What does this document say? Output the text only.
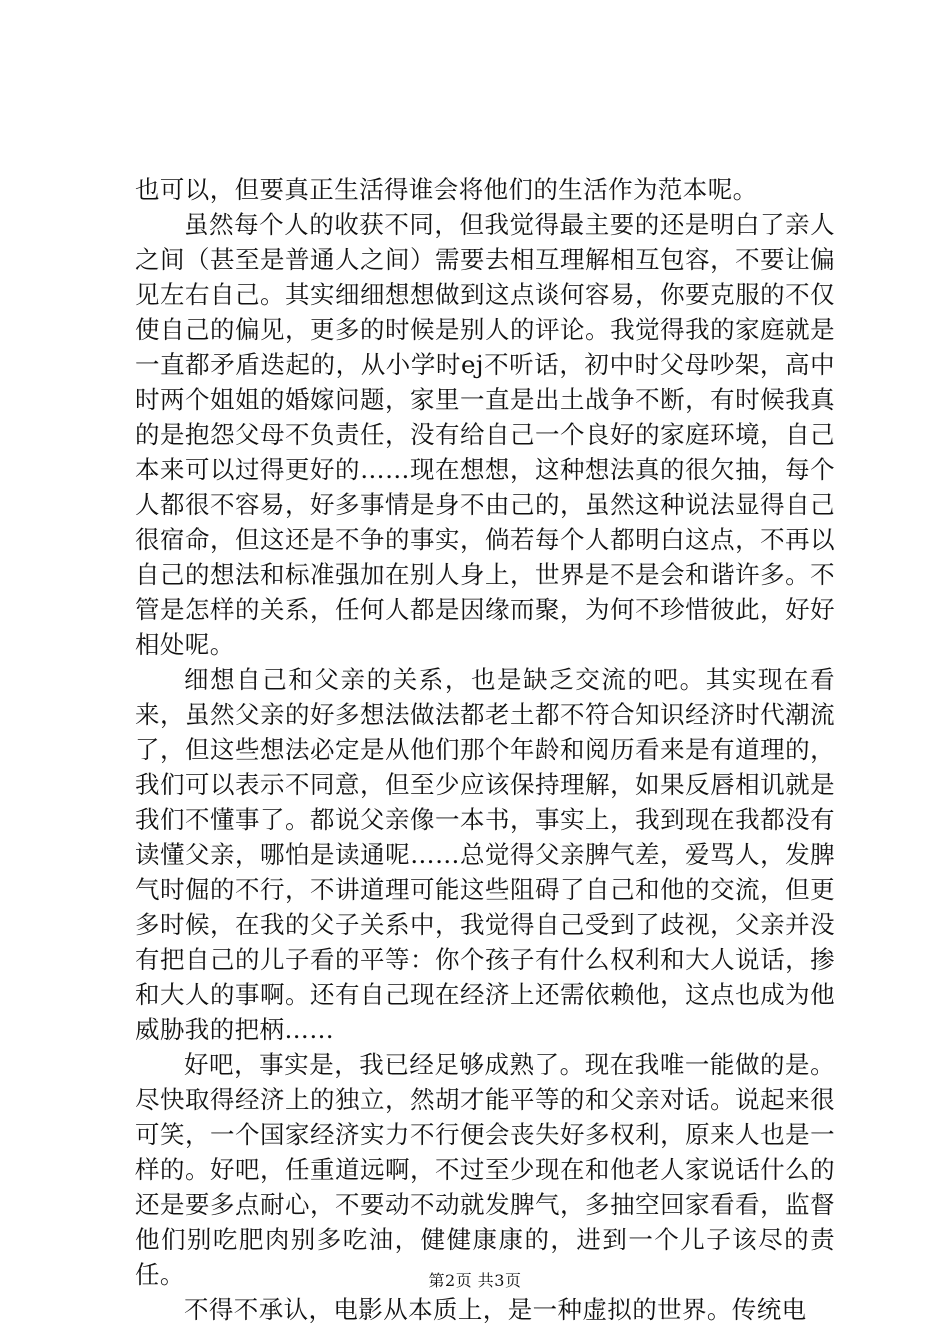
也可以，但要真正生活得谁会将他们的生活作为范本呢。

虽然每个人的收获不同，但我觉得最主要的还是明白了亲人之间（甚至是普通人之间）需要去相互理解相互包容，不要让偏见左右自己。其实细细想想做到这点谈何容易，你要克服的不仅使自己的偏见，更多的时候是别人的评论。我觉得我的家庭就是一直都矛盾迭起的，从小学时ej不听话，初中时父母吵架，高中时两个姐姐的婚嫁问题，家里一直是出土战争不断，有时候我真的是抱怨父母不负责任，没有给自己一个良好的家庭环境，自己本来可以过得更好的……现在想想，这种想法真的很欠抽，每个人都很不容易，好多事情是身不由己的，虽然这种说法显得自己很宿命，但这还是不争的事实，倘若每个人都明白这点，不再以自己的想法和标准强加在别人身上，世界是不是会和谐许多。不管是怎样的关系，任何人都是因缘而聚，为何不珍惜彼此，好好相处呢。

细想自己和父亲的关系，也是缺乏交流的吧。其实现在看来，虽然父亲的好多想法做法都老土都不符合知识经济时代潮流了，但这些想法必定是从他们那个年龄和阅历看来是有道理的，我们可以表示不同意，但至少应该保持理解，如果反唇相讥就是我们不懂事了。都说父亲像一本书，事实上，我到现在我都没有读懂父亲，哪怕是读通呢……总觉得父亲脾气差，爱骂人，发脾气时倔的不行，不讲道理可能这些阻碍了自己和他的交流，但更多时候，在我的父子关系中，我觉得自己受到了歧视，父亲并没有把自己的儿子看的平等：你个孩子有什么权利和大人说话，掺和大人的事啊。还有自己现在经济上还需依赖他，这点也成为他威胁我的把柄……

好吧，事实是，我已经足够成熟了。现在我唯一能做的是。尽快取得经济上的独立，然胡才能平等的和父亲对话。说起来很可笑，一个国家经济实力不行便会丧失好多权利，原来人也是一样的。好吧，任重道远啊，不过至少现在和他老人家说话什么的还是要多点耐心，不要动不动就发脾气，多抽空回家看看，监督他们别吃肥肉别多吃油，健健康康的，进到一个儿子该尽的责任。

不得不承认，电影从本质上，是一种虚拟的世界。传统电

第2页 共3页
